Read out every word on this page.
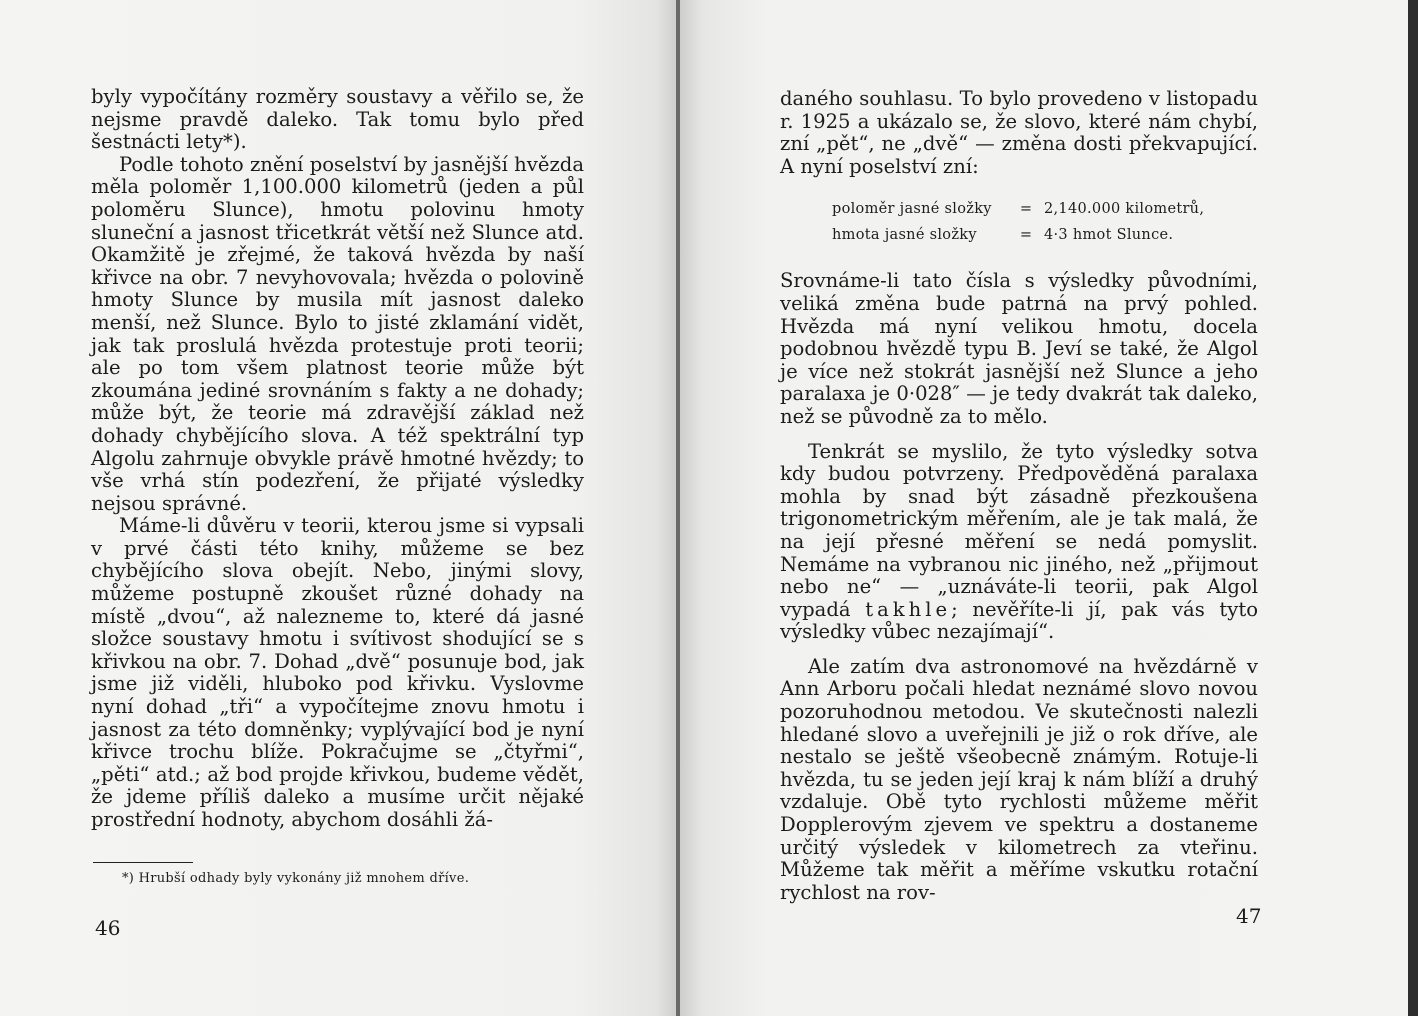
byly vypočítány rozměry soustavy a věřilo se, že nejsme pravdě daleko. Tak tomu bylo před šestnácti lety*).

Podle tohoto znění poselství by jasnější hvězda měla poloměr 1,100.000 kilometrů (jeden a půl poloměru Slunce), hmotu polovinu hmoty sluneční a jasnost třicetkrát větší než Slunce atd. Okamžitě je zřejmé, že taková hvězda by naší křivce na obr. 7 nevyhovovala; hvězda o polovině hmoty Slunce by musila mít jasnost daleko menší, než Slunce. Bylo to jisté zklamání vidět, jak tak proslulá hvězda protestuje proti teorii; ale po tom všem platnost teorie může být zkoumána jediné srovnáním s fakty a ne dohady; může být, že teorie má zdravější základ než dohady chybějícího slova. A též spektrální typ Algolu zahrnuje obvykle právě hmotné hvězdy; to vše vrhá stín podezření, že přijaté výsledky nejsou správné.

Máme-li důvěru v teorii, kterou jsme si vypsali v prvé části této knihy, můžeme se bez chybějícího slova obejít. Nebo, jinými slovy, můžeme postupně zkoušet různé dohady na místě „dvou“, až nalezneme to, které dá jasné složce soustavy hmotu i svítivost shodující se s křivkou na obr. 7. Dohad „dvě“ posunuje bod, jak jsme již viděli, hluboko pod křivku. Vyslovme nyní dohad „tři“ a vypočítejme znovu hmotu i jasnost za této domněnky; vyplývající bod je nyní křivce trochu blíže. Pokračujme se „čtyřmi“, „pěti“ atd.; až bod projde křivkou, budeme vědět, že jdeme příliš daleko a musíme určit nějaké prostřední hodnoty, abychom dosáhli žá-

*) Hrubší odhady byly vykonány již mnohem dříve.
46

daného souhlasu. To bylo provedeno v listopadu r. 1925 a ukázalo se, že slovo, které nám chybí, zní „pět“, ne „dvě“ — změna dosti překvapující. A nyní poselství zní:

poloměr jasné složky	= 2,140.000 kilometrů,
hmota jasné složky	= 4·3 hmot Slunce.

Srovnáme-li tato čísla s výsledky původními, veliká změna bude patrná na prvý pohled. Hvězda má nyní velikou hmotu, docela podobnou hvězdě typu B. Jeví se také, že Algol je více než stokrát jasnější než Slunce a jeho paralaxa je 0·028″ — je tedy dvakrát tak daleko, než se původně za to mělo.

Tenkrát se myslilo, že tyto výsledky sotva kdy budou potvrzeny. Předpověděná paralaxa mohla by snad být zásadně přezkoušena trigonometrickým měřením, ale je tak malá, že na její přesné měření se nedá pomyslit. Nemáme na vybranou nic jiného, než „přijmout nebo ne“ — „uznáváte-li teorii, pak Algol vypadá takhle; nevěříte-li jí, pak vás tyto výsledky vůbec nezajímají“.

Ale zatím dva astronomové na hvězdárně v Ann Arboru počali hledat neznámé slovo novou pozoruhodnou metodou. Ve skutečnosti nalezli hledané slovo a uveřejnili je již o rok dříve, ale nestalo se ještě všeobecně známým. Rotuje-li hvězda, tu se jeden její kraj k nám blíží a druhý vzdaluje. Obě tyto rychlosti můžeme měřit Dopplerovým zjevem ve spektru a dostaneme určitý výsledek v kilometrech za vteřinu. Můžeme tak měřit a měříme vskutku rotační rychlost na rov-

47
